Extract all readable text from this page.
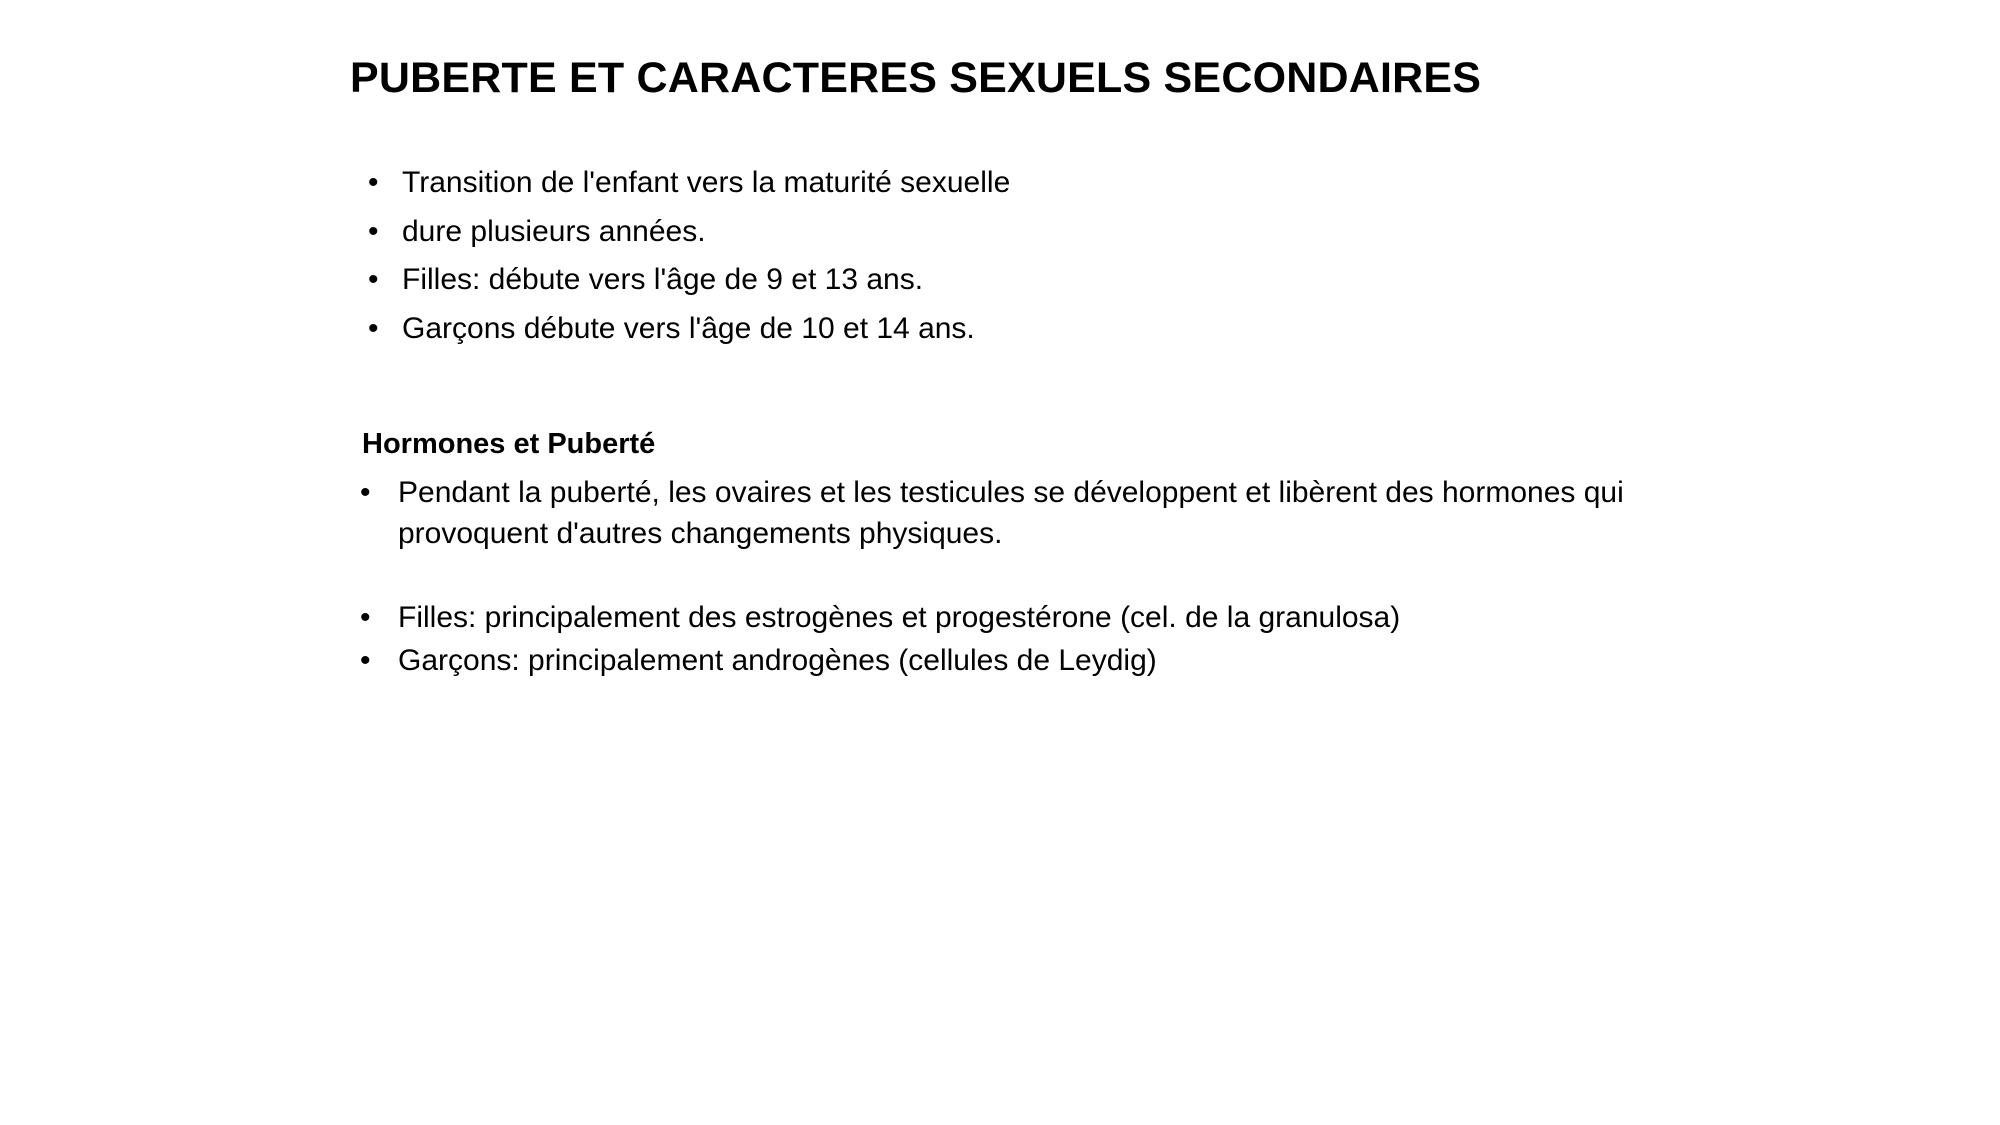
PUBERTE ET CARACTERES SEXUELS SECONDAIRES
• Transition de l'enfant vers la maturité sexuelle
• dure plusieurs années.
• Filles: débute vers l'âge de 9 et 13 ans.
• Garçons débute vers l'âge de 10 et 14 ans.
Hormones et Puberté
• Pendant la puberté, les ovaires et les testicules se développent et libèrent des hormones qui provoquent d'autres changements physiques.
• Filles: principalement des estrogènes et progestérone (cel. de la granulosa)
• Garçons: principalement androgènes (cellules de Leydig)
